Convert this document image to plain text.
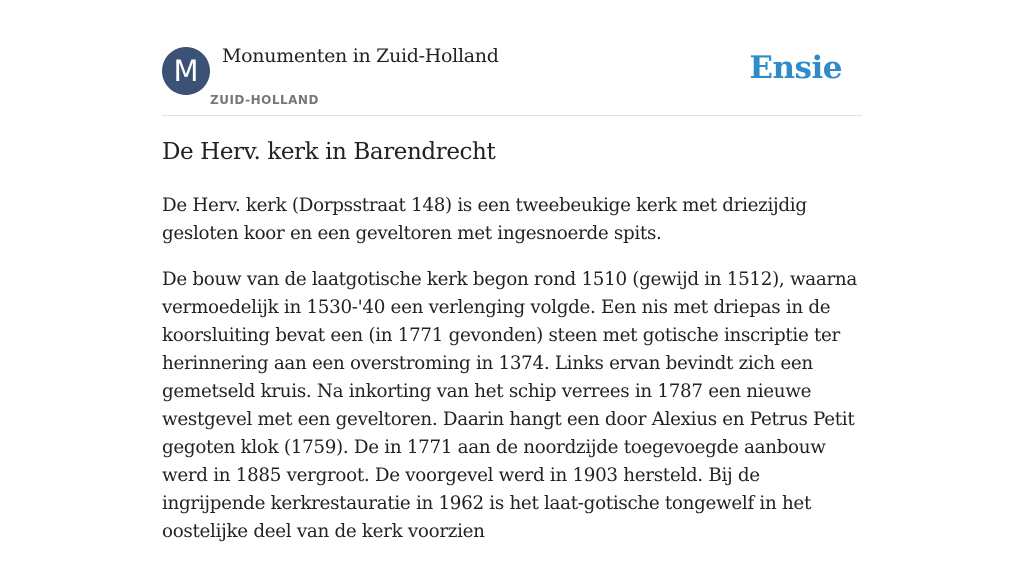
M	Monumenten in Zuid-Holland
ZUID-HOLLAND
Ensie
De Herv. kerk in Barendrecht

De Herv. kerk (Dorpsstraat 148) is een tweebeukige kerk met driezijdig gesloten koor en een geveltoren met ingesnoerde spits.

De bouw van de laatgotische kerk begon rond 1510 (gewijd in 1512), waarna vermoedelijk in 1530-'40 een verlenging volgde. Een nis met driepas in de koorsluiting bevat een (in 1771 gevonden) steen met gotische inscriptie ter herinnering aan een overstroming in 1374. Links ervan bevindt zich een gemetseld kruis. Na inkorting van het schip verrees in 1787 een nieuwe westgevel met een geveltoren. Daarin hangt een door Alexius en Petrus Petit gegoten klok (1759). De in 1771 aan de noordzijde toegevoegde aanbouw werd in 1885 vergroot. De voorgevel werd in 1903 hersteld. Bij de ingrijpende kerkrestauratie in 1962 is het laat-gotische tongewelf in het oostelijke deel van de kerk voorzien
